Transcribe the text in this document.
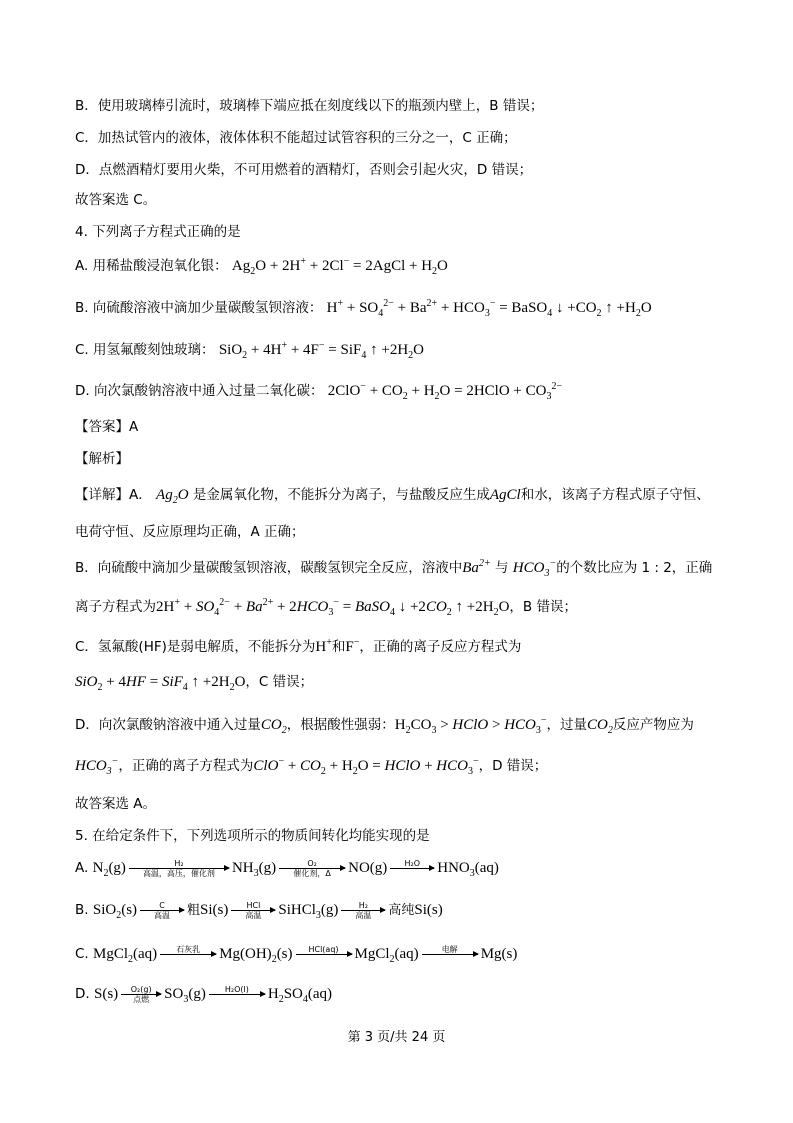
B．使用玻璃棒引流时，玻璃棒下端应抵在刻度线以下的瓶颈内壁上，B 错误；
C．加热试管内的液体，液体体积不能超过试管容积的三分之一，C 正确；
D．点燃酒精灯要用火柴，不可用燃着的酒精灯，否则会引起火灾，D 错误；
故答案选 C。
4. 下列离子方程式正确的是
A. 用稀盐酸浸泡氧化银： $Ag_2O + 2H^+ + 2Cl^-$ = 2AgCl + $H_2O$
B. 向硫酸溶液中滴加少量碳酸氢钡溶液： $H^+ + SO_4^{2-} + Ba^{2+} + HCO_3^-$ = BaSO$_4$ ↓ $+CO_2$ ↑ $+H_2O$
C. 用氢氟酸刻蚀玻璃： SiO$_2$ + 4H+ + 4F− = SiF$_4$ ↑ $+2H_2O$
D. 向次氯酸钠溶液中通入过量二氧化碳： $2ClO^- + CO_2 + H_2O$ = 2HClO + $CO_3^{2-}$
【答案】A
【解析】
【详解】A． $Ag_2O$ 是金属氧化物，不能拆分为离子，与盐酸反应生成AgCl和水，该离子方程式原子守恒、
电荷守恒、反应原理均正确，A 正确；
B．向硫酸中滴加少量碳酸氢钡溶液，碳酸氢钡完全反应，溶液中$Ba^{2+}$ 与 $HCO_3^-$的个数比应为 1 : 2，正确
离子方程式为$2H^+ + SO_4^{2-} + Ba^{2+} + 2HCO_3^-$ = BaSO$_4$ ↓ $+2CO_2$ ↑ $+2H_2O$，B 错误；
C．氢氟酸(HF)是弱电解质，不能拆分为H+和F−，正确的离子反应方程式为
SiO$_2$ + 4HF = SiF$_4$ ↑ $+2H_2O$，C 错误；
D．向次氯酸钠溶液中通入过量$CO_2$，根据酸性强弱：$H_2CO_3$ > HClO > $HCO_3^-$，过量$CO_2$反应产物应为
$HCO_3^-$，正确的离子方程式为$ClO^- + CO_2 + H_2O$ = HClO + $HCO_3^-$，D 错误；
故答案选 A。
5. 在给定条件下，下列选项所示的物质间转化均能实现的是
A. $N_2(g)$	H₂
高温，高压，催化剂 $NH_3(g)$	O₂
催化剂，Δ NO(g) H₂O
$HNO_3(aq)$
B. SiO$_2$(s)	C
高温 粗Si(s) HCl
高温 SiHCl$_3$(g)	H₂
高温 高纯Si(s)
C. MgCl$_2$(aq) 石灰乳
$Mg(OH)_2(s)$ HCl(aq)
MgCl$_2$(aq)	电解
Mg(s)
D. S(s) O₂(g)
点燃 $SO_3(g)$ H₂O(l)
$H_2SO_4(aq)$
第 3 页/共 24 页
